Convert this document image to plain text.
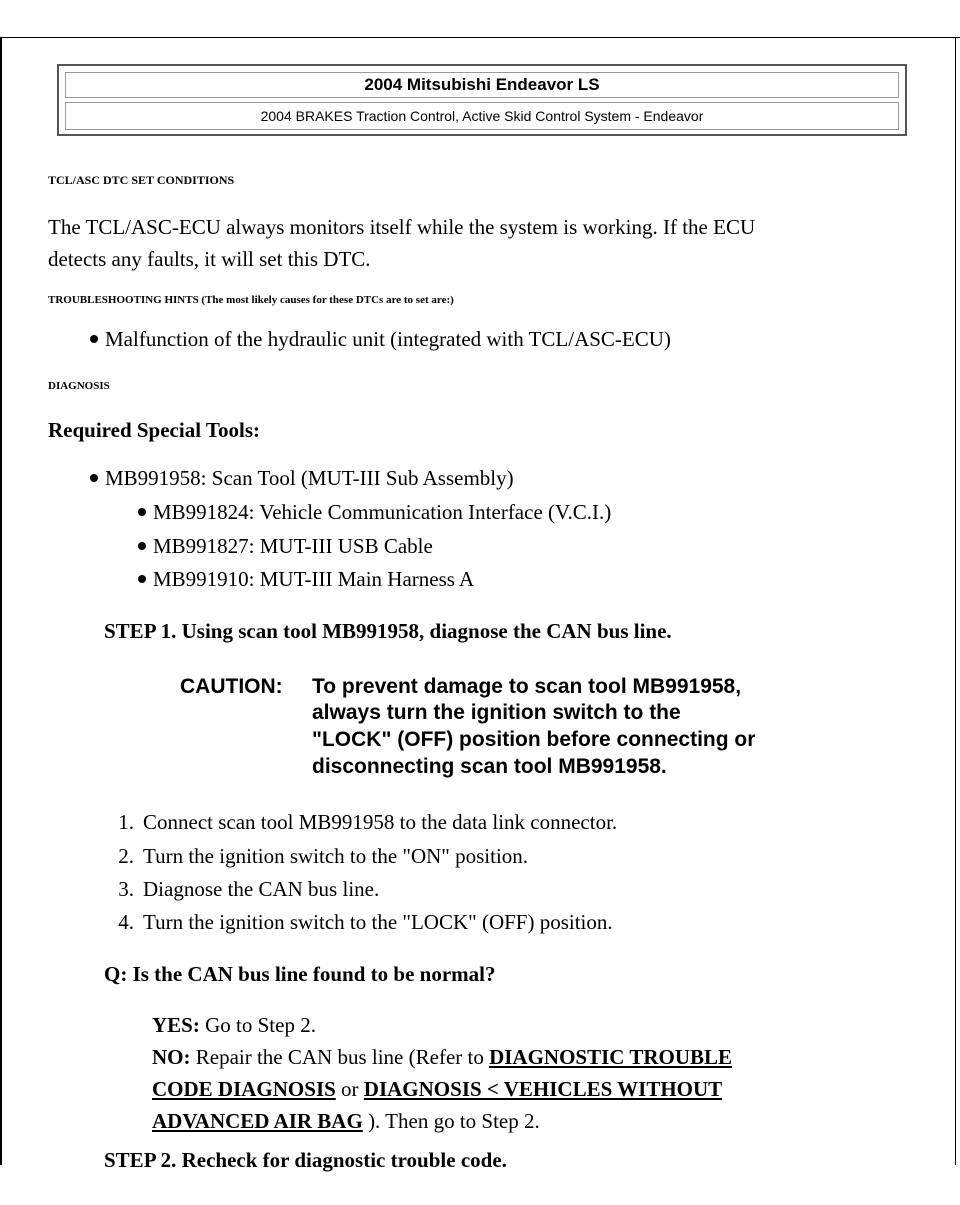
2004 Mitsubishi Endeavor LS
2004 BRAKES Traction Control, Active Skid Control System - Endeavor
TCL/ASC DTC SET CONDITIONS
The TCL/ASC-ECU always monitors itself while the system is working. If the ECU
detects any faults, it will set this DTC.
TROUBLESHOOTING HINTS (The most likely causes for these DTCs are to set are:)
Malfunction of the hydraulic unit (integrated with TCL/ASC-ECU)
DIAGNOSIS
Required Special Tools:
MB991958: Scan Tool (MUT-III Sub Assembly)
MB991824: Vehicle Communication Interface (V.C.I.)
MB991827: MUT-III USB Cable
MB991910: MUT-III Main Harness A
STEP 1. Using scan tool MB991958, diagnose the CAN bus line.
CAUTION: To prevent damage to scan tool MB991958,
always turn the ignition switch to the
"LOCK" (OFF) position before connecting or
disconnecting scan tool MB991958.
1. Connect scan tool MB991958 to the data link connector.
2. Turn the ignition switch to the "ON" position.
3. Diagnose the CAN bus line.
4. Turn the ignition switch to the "LOCK" (OFF) position.
Q: Is the CAN bus line found to be normal?
YES: Go to Step 2.
NO: Repair the CAN bus line (Refer to DIAGNOSTIC TROUBLE
CODE DIAGNOSIS or DIAGNOSIS < VEHICLES WITHOUT
ADVANCED AIR BAG ). Then go to Step 2.
STEP 2. Recheck for diagnostic trouble code.
